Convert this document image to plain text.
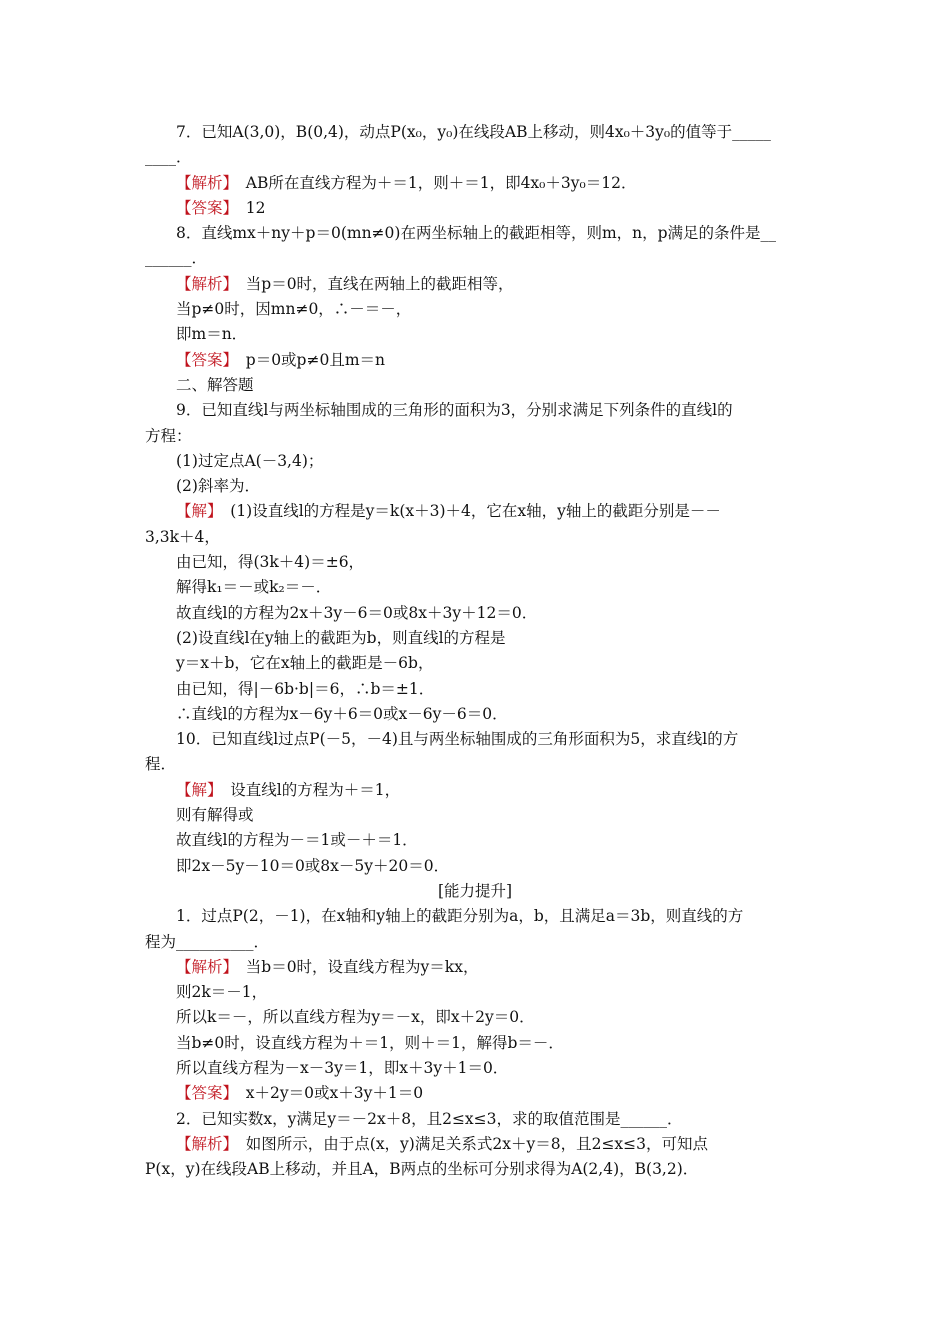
7．已知A(3,0)，B(0,4)，动点P(x₀，y₀)在线段AB上移动，则4x₀＋3y₀的值等于_____
____．
【解析】　AB所在直线方程为＋＝1，则＋＝1，即4x₀＋3y₀＝12．
【答案】　12
8．直线mx＋ny＋p＝0(mn≠0)在两坐标轴上的截距相等，则m，n，p满足的条件是__
______．
【解析】　当p＝0时，直线在两轴上的截距相等，
当p≠0时，因mn≠0，∴－＝－，
即m＝n．
【答案】　p＝0或p≠0且m＝n
二、解答题
9．已知直线l与两坐标轴围成的三角形的面积为3，分别求满足下列条件的直线l的
方程：
(1)过定点A(－3,4)；
(2)斜率为．
【解】　(1)设直线l的方程是y＝k(x＋3)＋4，它在x轴，y轴上的截距分别是－－
3,3k＋4，
由已知，得(3k＋4)＝±6，
解得k₁＝－或k₂＝－．
故直线l的方程为2x＋3y－6＝0或8x＋3y＋12＝0．
(2)设直线l在y轴上的截距为b，则直线l的方程是
y＝x＋b，它在x轴上的截距是－6b，
由已知，得|－6b·b|＝6，∴b＝±1．
∴直线l的方程为x－6y＋6＝0或x－6y－6＝0．
10．已知直线l过点P(－5，－4)且与两坐标轴围成的三角形面积为5，求直线l的方
程．
【解】　设直线l的方程为＋＝1，
则有解得或
故直线l的方程为－＝1或－＋＝1．
即2x－5y－10＝0或8x－5y＋20＝0．
[能力提升]
1．过点P(2，－1)，在x轴和y轴上的截距分别为a，b，且满足a＝3b，则直线的方
程为__________．
【解析】　当b＝0时，设直线方程为y＝kx，
则2k＝－1，
所以k＝－，所以直线方程为y＝－x，即x＋2y＝0．
当b≠0时，设直线方程为＋＝1，则＋＝1，解得b＝－．
所以直线方程为－x－3y＝1，即x＋3y＋1＝0．
【答案】　x＋2y＝0或x＋3y＋1＝0
2．已知实数x，y满足y＝－2x＋8，且2≤x≤3，求的取值范围是______．
【解析】　如图所示，由于点(x，y)满足关系式2x＋y＝8，且2≤x≤3，可知点
P(x，y)在线段AB上移动，并且A，B两点的坐标可分别求得为A(2,4)，B(3,2)．
